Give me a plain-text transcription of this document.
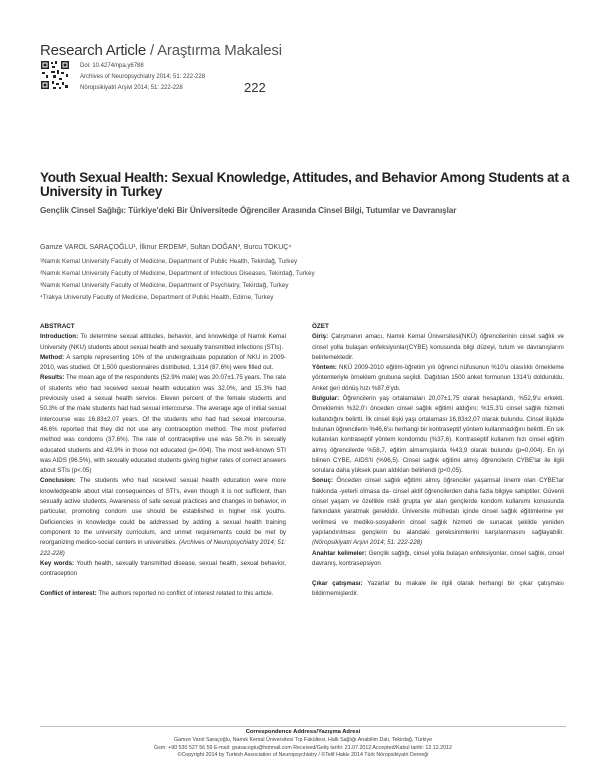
Research Article / Araştırma Makalesi
Doi: 10.4274/npa.y6788
Archives of Neuropsychiatry 2014; 51: 222-228
Nöropsikiyatri Arşivi 2014; 51: 222-228	222
Youth Sexual Health: Sexual Knowledge, Attitudes, and Behavior Among Students at a University in Turkey
Gençlik Cinsel Sağlığı: Türkiye'deki Bir Üniversitede Öğrenciler Arasında Cinsel Bilgi, Tutumlar ve Davranışlar
Gamze VAROL SARAÇOĞLU¹, İlknur ERDEM², Sultan DOĞAN³, Burcu TOKUÇ⁴
¹Namık Kemal University Faculty of Medicine, Department of Public Health, Tekirdağ, Turkey
²Namık Kemal University Faculty of Medicine, Department of Infectious Diseases, Tekirdağ, Turkey
³Namık Kemal University Faculty of Medicine, Department of Psychiatry, Tekirdağ, Turkey
⁴Trakya University Faculty of Medicine, Department of Public Health, Edirne, Turkey
ABSTRACT

Introduction: To determine sexual attitudes, behavior, and knowledge of Namık Kemal University (NKU) students about sexual health and sexually transmitted infections (STIs).

Method: A sample representing 10% of the undergraduate population of NKU in 2009-2010, was studied. Of 1,500 questionnaires distributed, 1,314 (87.6%) were filled out.

Results: The mean age of the respondents (52.9% male) was 20.07±1.75 years. The rate of students who had received sexual health education was 32.0%, and 15.3% had previously used a sexual health service. Eleven percent of the female students and 50.3% of the male students had had sexual intercourse. The average age of initial sexual intercourse was 16.83±2.07 years. Of the students who had had sexual intercourse, 46.6% reported that they did not use any contraception method. The most preferred method was condoms (37.6%). The rate of contraceptive use was 58.7% in sexually educated students and 43.9% in those not educated (p=.004). The most well-known STI was AIDS (96.5%), with sexually educated students giving higher rates of correct answers about STIs (p<.05)

Conclusion: The students who had received sexual health education were more knowledgeable about vital consequences of STI's, even though it is not sufficient, than sexually active students. Awareness of safe sexual practices and changes in behavior, in particular, promoting condom use should be established in higher risk youths. Deficiencies in knowledge could be addressed by adding a sexual health training component to the university curriculum, and unmet requirements could be met by reorganizing medico-social centers in universities. (Archives of Neuropsychiatry 2014; 51: 222-228)

Key words: Youth health, sexually transmitted disease, sexual health, sexual behavior, contraception

Conflict of interest: The authors reported no conflict of interest related to this article.

ÖZET

Giriş: Çalışmanın amacı, Namık Kemal Üniversitesi(NKÜ) öğrencilerinin cinsel sağlık ve cinsel yolla bulaşan enfeksiyonlar(CYBE) konusunda bilgi düzeyi, tutum ve davranışlarını belirlemektedir.

Yöntem: NKÜ 2009-2010 eğitim-öğretim yılı öğrenci nüfusunun %10'u olasılıklı örnekleme yöntemleriyle örneklem grubuna seçildi. Dağıtılan 1500 anket formunun 1314'ü dolduruldu. Anket geri dönüş hızı %87,6'ydı.

Bulgular: Öğrencilerin yaş ortalamaları 20,07±1,75 olarak hesaplandı, %52,9'u erkekti. Örneklemin %32,0'ı önceden cinsel sağlık eğitimi aldığını; %15,3'ü cinsel sağlık hizmeti kullandığını belirtti. İlk cinsel ilişki yaşı ortalaması 16,83±2,07 olarak bulundu. Cinsel ilişkide bulunan öğrencilerin %46,6'sı herhangi bir kontraseptif yöntem kullanmadığını belirtti. En sık kullanılan kontraseptif yöntem kondomdu (%37,6). Kontraseptif kullanım hızı cinsel eğitim almış öğrencilerde %58,7, eğitim almamışlarda %43,9 olarak bulundu (p=0,004). En iyi bilinen CYBE, AIDS'ti (%96,5). Cinsel sağlık eğitimi almış öğrencilerin CYBE'lar ile ilgili sorulara daha yüksek puan aldıkları belirlendi (p<0,05).

Sonuç: Önceden cinsel sağlık eğitimi almış öğrenciler yaşamsal önemi olan CYBE'lar hakkında -yeterli olmasa da- cinsel aktif öğrencilerden daha fazla bilgiye sahiptiler. Güvenli cinsel yaşam ve özellikle riskli grupta yer alan gençlerde kondom kullanımı konusunda farkındalık yaratmak gereklidir. Üniversite müfredatı içinde cinsel sağlık eğitimlerine yer verilmesi ve mediko-sosyallerin cinsel sağlık hizmeti de sunacak şekilde yeniden yapılandırılması gençlerin bu alandaki gereksinimlerini karşılanmasını sağlayabilir. (Nöropsikiyatri Arşivi 2014; 51: 222-228)

Anahtar kelimeler: Gençlik sağlığı, cinsel yolla bulaşan enfeksiyonlar, cinsel sağlık, cinsel davranış, kontrasepsiyon

Çıkar çatışması: Yazarlar bu makale ile ilgili olarak herhangi bir çıkar çatışması bildirmemişlerdir.

Correspondence Address/Yazışma Adresi
Gamze Varol Saraçoğlu, Namık Kemal Üniversitesi Tıp Fakültesi, Halk Sağlığı Anabilim Dalı, Tekirdağ, Türkiye
Gsm: +90 530 527 56 59 E-mail: gsaracoglu@hotmail.com Received/Geliş tarihi: 21.07.2012 Accepted/Kabul tarihi: 12.12.2012
©Copyright 2014 by Turkish Association of Neuropsychiatry / ©Telif Hakkı 2014 Türk Nöropsikiyatri Derneği
